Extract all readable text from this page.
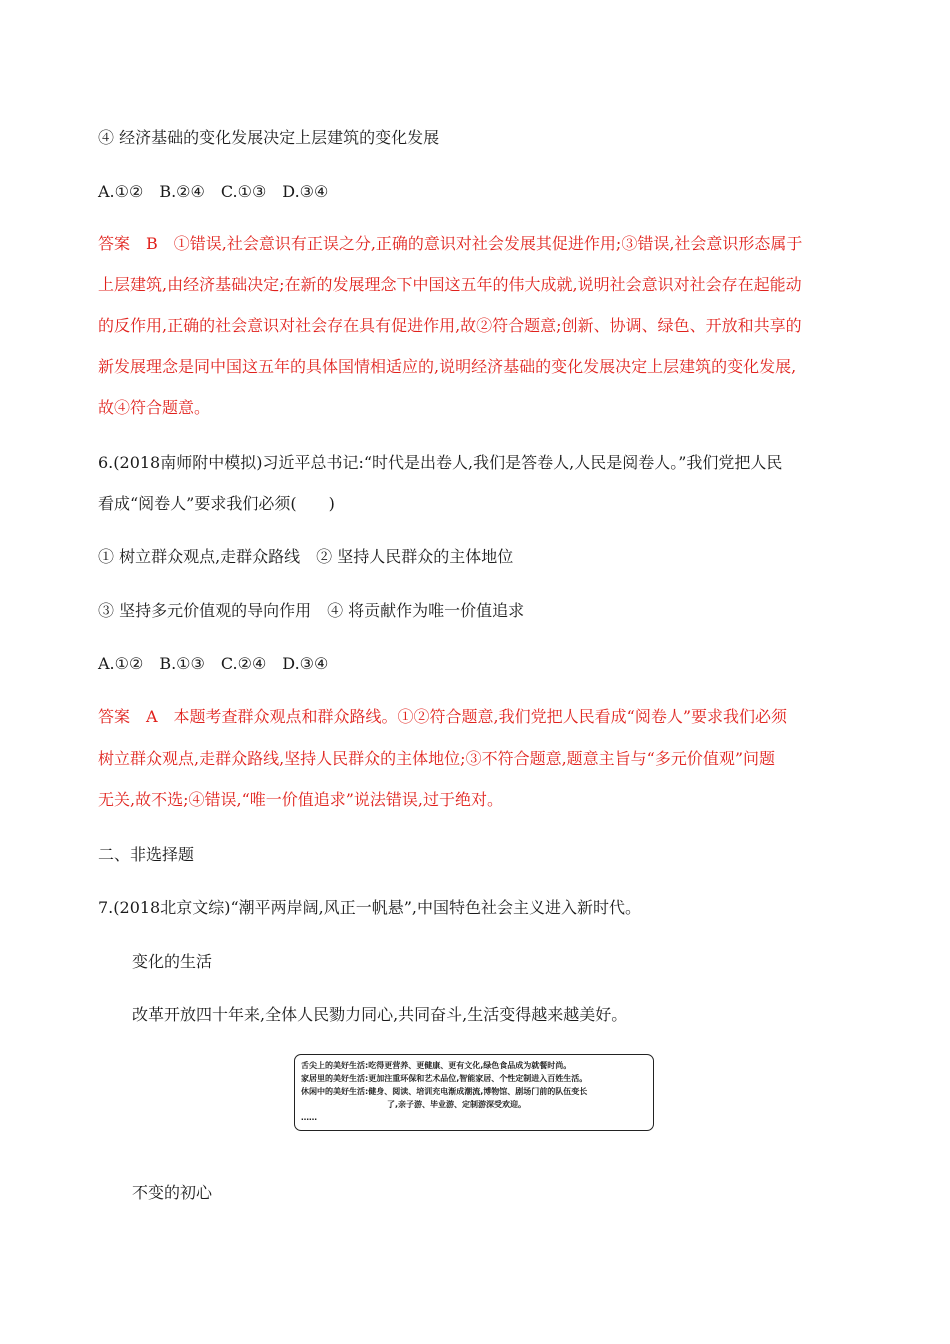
④ 经济基础的变化发展决定上层建筑的变化发展
A.①②　B.②④　C.①③　D.③④
答案　B　①错误,社会意识有正误之分,正确的意识对社会发展其促进作用;③错误,社会意识形态属于
上层建筑,由经济基础决定;在新的发展理念下中国这五年的伟大成就,说明社会意识对社会存在起能动
的反作用,正确的社会意识对社会存在具有促进作用,故②符合题意;创新、协调、绿色、开放和共享的
新发展理念是同中国这五年的具体国情相适应的,说明经济基础的变化发展决定上层建筑的变化发展,
故④符合题意。
6.(2018南师附中模拟)习近平总书记:“时代是出卷人,我们是答卷人,人民是阅卷人。”我们党把人民
看成“阅卷人”要求我们必须(　　)
① 树立群众观点,走群众路线　② 坚持人民群众的主体地位
③ 坚持多元价值观的导向作用　④ 将贡献作为唯一价值追求
A.①②　B.①③　C.②④　D.③④
答案　A　本题考查群众观点和群众路线。①②符合题意,我们党把人民看成“阅卷人”要求我们必须
树立群众观点,走群众路线,坚持人民群众的主体地位;③不符合题意,题意主旨与“多元价值观”问题
无关,故不选;④错误,“唯一价值追求”说法错误,过于绝对。
二、非选择题
7.(2018北京文综)“潮平两岸阔,风正一帆悬”,中国特色社会主义进入新时代。
变化的生活
改革开放四十年来,全体人民勠力同心,共同奋斗,生活变得越来越美好。
舌尖上的美好生活:吃得更营养、更健康、更有文化,绿色食品成为就餐时尚。
家居里的美好生活:更加注重环保和艺术品位,智能家居、个性定制进入百姓生活。
休闲中的美好生活:健身、阅读、培训充电渐成潮流,博物馆、剧场门前的队伍变长
了,亲子游、毕业游、定制游深受欢迎。
……
不变的初心
